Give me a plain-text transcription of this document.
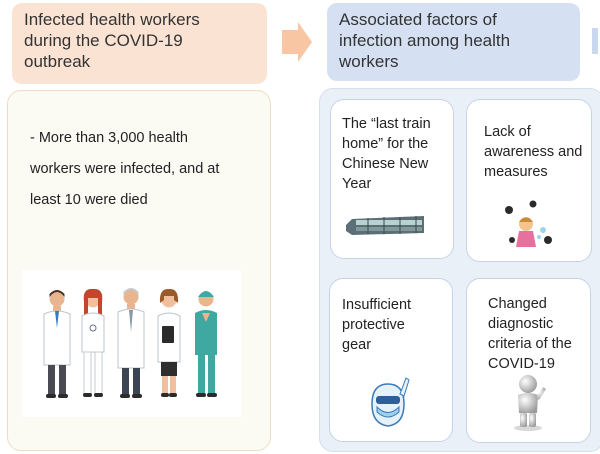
Infected health workers
during the COVID-19
outbreak
Associated factors of
infection among health
workers
- More than 3,000 health
workers were infected, and at
least 10 were died
The “last train
home” for the
Chinese New
Year
Lack of
awareness and
measures
Insufficient
protective
gear
Changed
diagnostic
criteria of the
COVID-19
